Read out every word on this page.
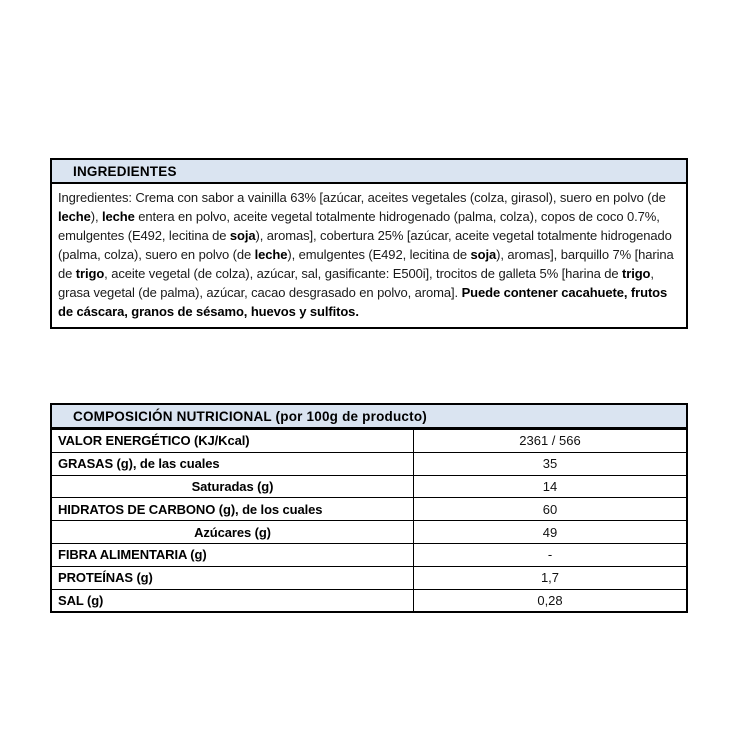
INGREDIENTES
Ingredientes: Crema con sabor a vainilla 63% [azúcar, aceites vegetales (colza, girasol), suero en polvo (de leche), leche entera en polvo, aceite vegetal totalmente hidrogenado (palma, colza), copos de coco 0.7%, emulgentes (E492, lecitina de soja), aromas], cobertura 25% [azúcar, aceite vegetal totalmente hidrogenado (palma, colza), suero en polvo (de leche), emulgentes (E492, lecitina de soja), aromas], barquillo 7% [harina de trigo, aceite vegetal (de colza), azúcar, sal, gasificante: E500i], trocitos de galleta 5% [harina de trigo, grasa vegetal (de palma), azúcar, cacao desgrasado en polvo, aroma]. Puede contener cacahuete, frutos de cáscara, granos de sésamo, huevos y sulfitos.
COMPOSICIÓN NUTRICIONAL (por 100g de producto)
VALOR ENERGÉTICO (KJ/Kcal)	2361 / 566
GRASAS (g), de las cuales	35
Saturadas (g)	14
HIDRATOS DE CARBONO (g), de los cuales	60
Azúcares (g)	49
FIBRA ALIMENTARIA (g)	-
PROTEÍNAS (g)	1,7
SAL (g)	0,28
